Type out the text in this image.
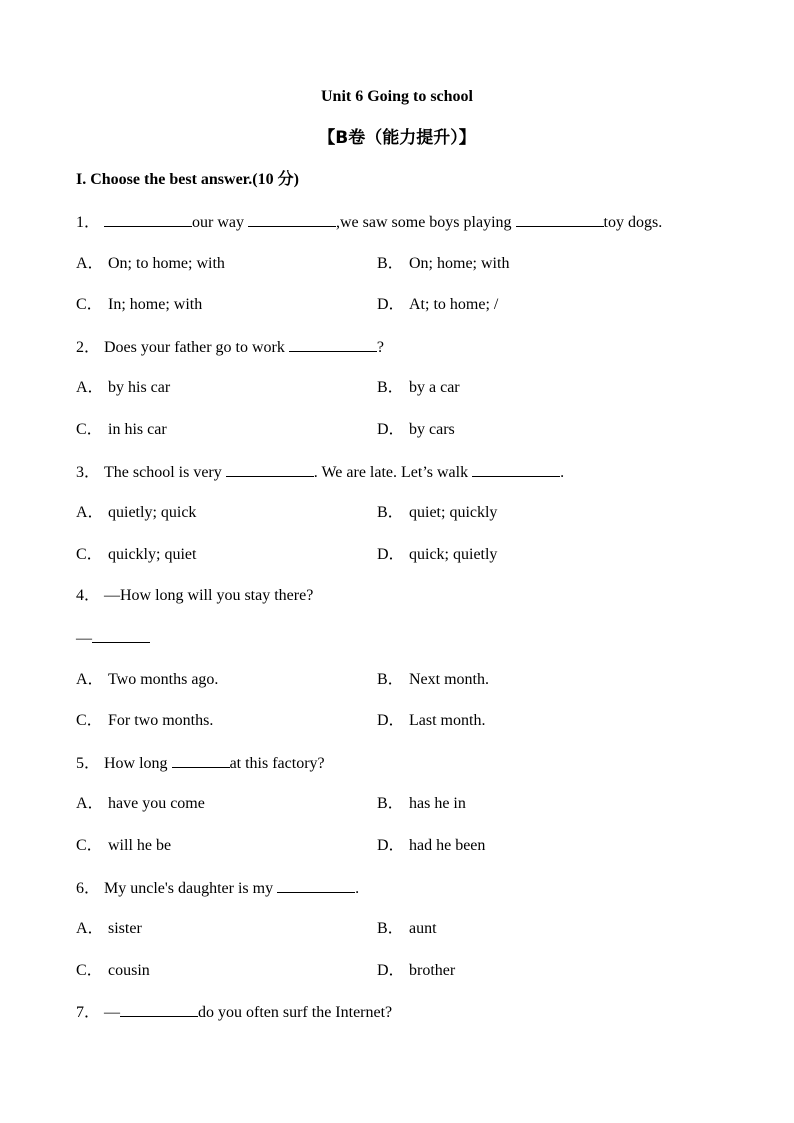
Unit 6 Going to school
【B卷（能力提升）】
I. Choose the best answer.(10 分)
1．	our way	,we saw some boys playing	toy dogs.
A． On; to home; with	B． On; home; with
C． In; home; with	D． At; to home; /
2． Does your father go to work	?
A． by his car	B． by a car
C． in his car	D． by cars
3． The school is very	. We are late. Let’s walk	.
A． quietly; quick	B． quiet; quickly
C． quickly; quiet	D． quick; quietly
4． —How long will you stay there?
—
A． Two months ago.	B． Next month.
C． For two months.	D． Last month.
5． How long	at this factory?
A． have you come	B． has he in
C． will he be	D． had he been
6． My uncle's daughter is my	.
A． sister	B． aunt
C． cousin	D． brother
7． —	do you often surf the Internet?
